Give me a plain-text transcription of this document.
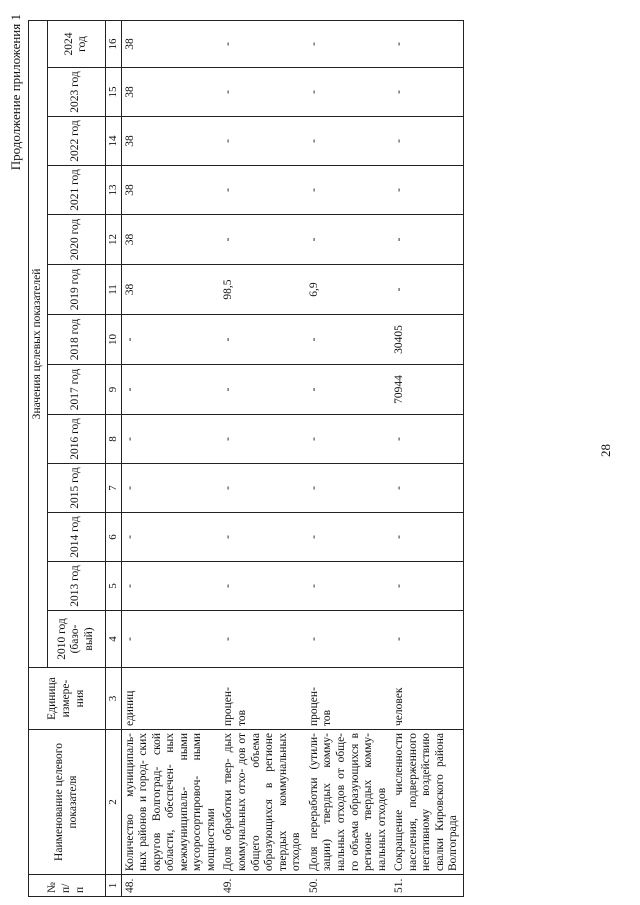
Продолжение приложения 1
28
№ п/п	Наименование целевого показателя	Единица измере- ния	Значения целевых показателей												
			2010 год (базо- вый)	2013 год	2014 год	2015 год	2016 год	2017 год	2018 год	2019 год	2020 год	2021 год	2022 год	2023 год	2024 год
1	2	3	4	5	6	7	8	9	10	11	12	13	14	15	16
48.	Количество муниципаль- ных районов и город- ских округов Волгоград- ской области, обеспечен- ных межмуниципаль- ными мусоросортировоч- ными мощностями	единиц	-	-	-	-	-	-	-	38	38	38	38	38	38
49.	Доля обработки твер- дых коммунальных отхо- дов от общего объема образующихся в регионе твердых коммунальных отходов	процен- тов	-	-	-	-	-	-	-	98,5	-	-	-	-	-
50.	Доля переработки (утили- зации) твердых комму- нальных отходов от обще- го объема образующихся в регионе твердых комму- нальных отходов	процен- тов	-	-	-	-	-	-	-	6,9	-	-	-	-	-
51.	Сокращение численности населения, подверженного негативному воздействию свалки Кировского района Волгограда	человек	-	-	-	-	-	70944	30405	-	-	-	-	-	-
